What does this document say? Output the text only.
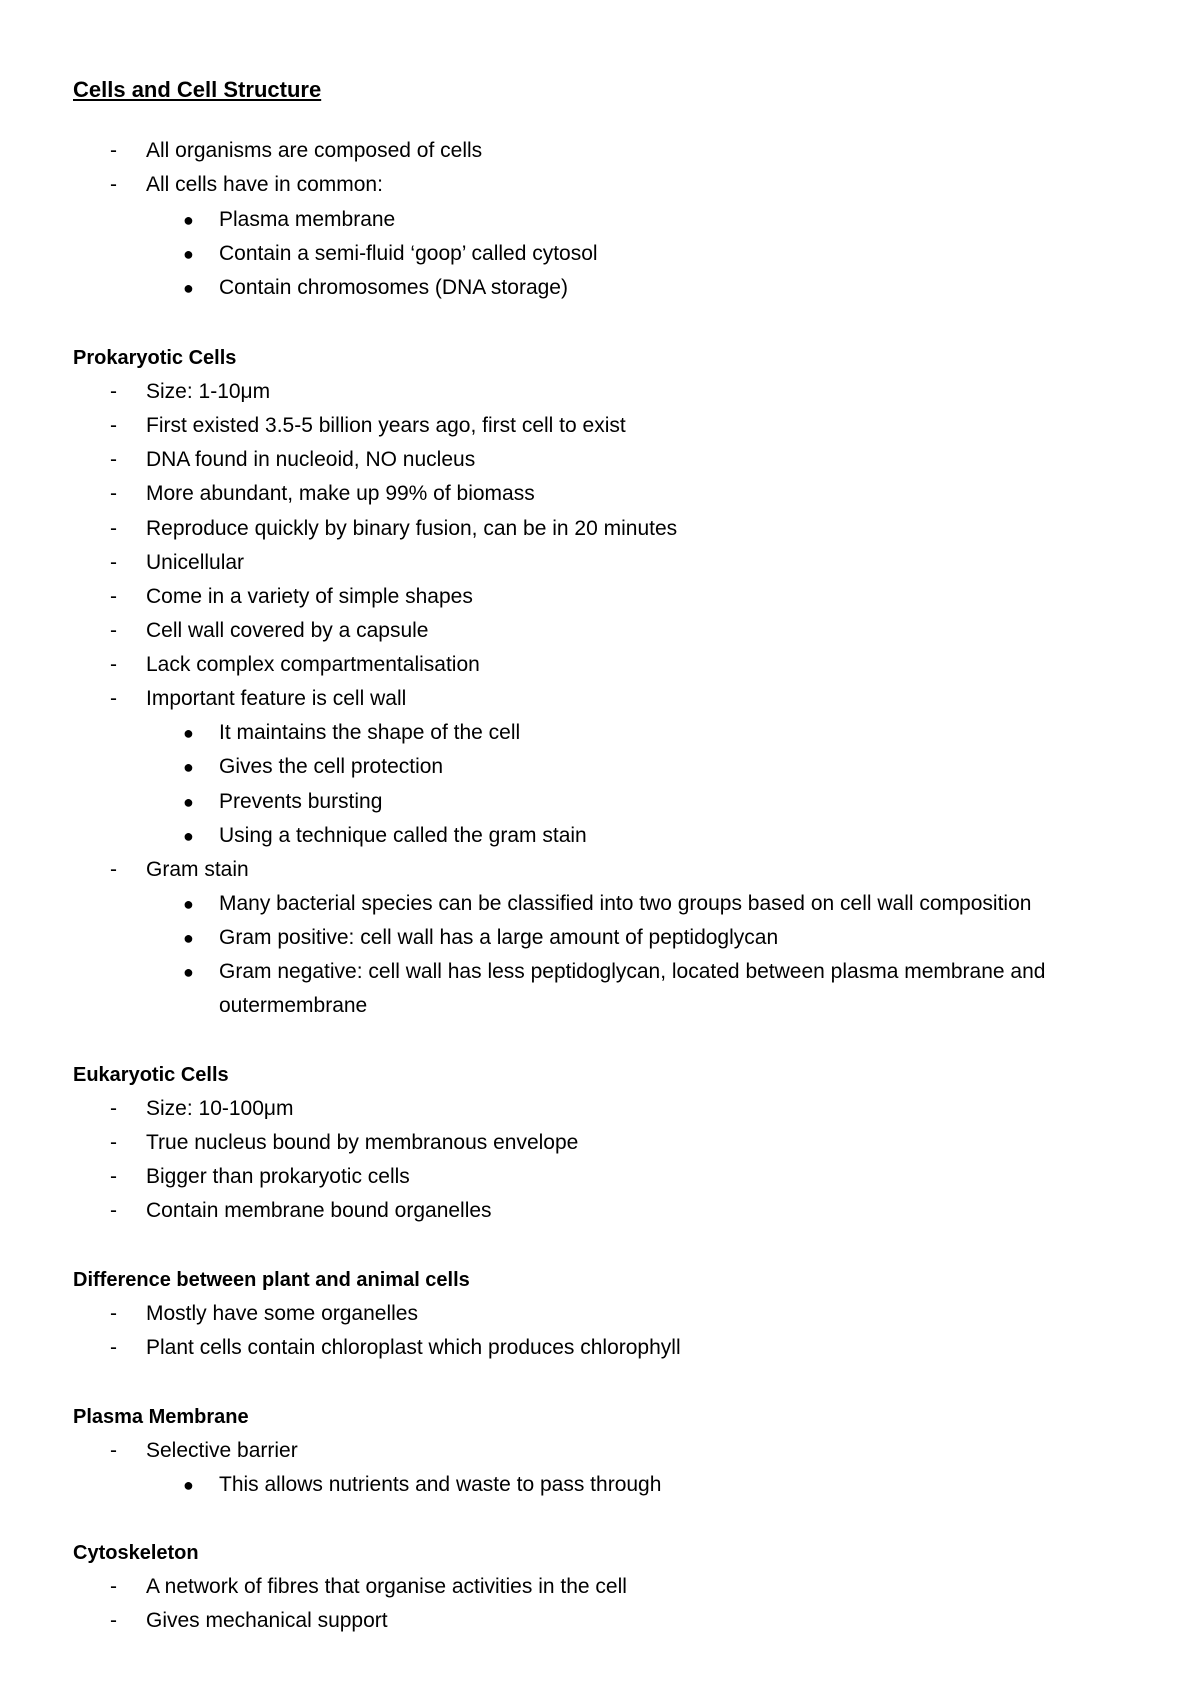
Cells and Cell Structure
- All organisms are composed of cells
- All cells have in common:
● Plasma membrane
● Contain a semi-fluid ‘goop’ called cytosol
● Contain chromosomes (DNA storage)
Prokaryotic Cells
- Size: 1-10μm
- First existed 3.5-5 billion years ago, first cell to exist
- DNA found in nucleoid, NO nucleus
- More abundant, make up 99% of biomass
- Reproduce quickly by binary fusion, can be in 20 minutes
- Unicellular
- Come in a variety of simple shapes
- Cell wall covered by a capsule
- Lack complex compartmentalisation
- Important feature is cell wall
● It maintains the shape of the cell
● Gives the cell protection
● Prevents bursting
● Using a technique called the gram stain
- Gram stain
● Many bacterial species can be classified into two groups based on cell wall composition
● Gram positive: cell wall has a large amount of peptidoglycan
● Gram negative: cell wall has less peptidoglycan, located between plasma membrane and
outermembrane
Eukaryotic Cells
- Size: 10-100μm
- True nucleus bound by membranous envelope
- Bigger than prokaryotic cells
- Contain membrane bound organelles
Difference between plant and animal cells
- Mostly have some organelles
- Plant cells contain chloroplast which produces chlorophyll
Plasma Membrane
- Selective barrier
● This allows nutrients and waste to pass through
Cytoskeleton
- A network of fibres that organise activities in the cell
- Gives mechanical support
